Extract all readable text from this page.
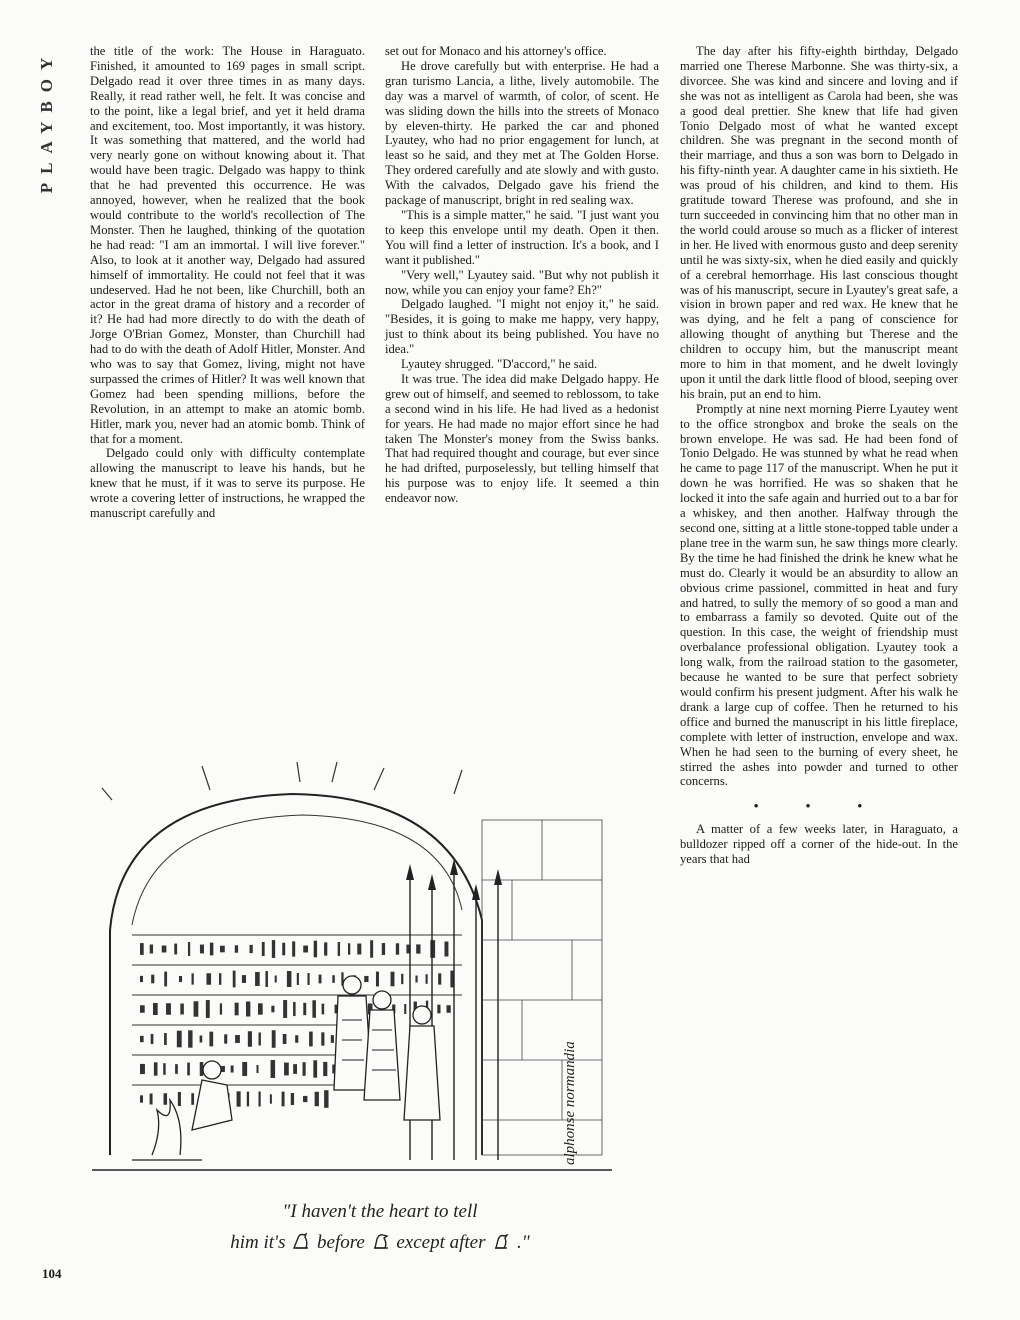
PLAYBOY	the title of the work: The House in Haraguato. Finished, it amounted to 169 pages in small script. Delgado read it over three times in as many days. Really, it read rather well, he felt. It was concise and to the point, like a legal brief, and yet it held drama and excitement, too. Most importantly, it was history. It was something that mattered, and the world had very nearly gone on without knowing about it. That would have been tragic. Delgado was happy to think that he had prevented this occurrence. He was annoyed, however, when he realized that the book would contribute to the world's recollection of The Monster. Then he laughed, thinking of the quotation he had read: "I am an immortal. I will live forever." Also, to look at it another way, Delgado had assured himself of immortality. He could not feel that it was undeserved. Had he not been, like Churchill, both an actor in the great drama of history and a recorder of it? He had had more directly to do with the death of Jorge O'Brian Gomez, Monster, than Churchill had had to do with the death of Adolf Hitler, Monster. And who was to say that Gomez, living, might not have surpassed the crimes of Hitler? It was well known that Gomez had been spending millions, before the Revolution, in an attempt to make an atomic bomb. Hitler, mark you, never had an atomic bomb. Think of that for a moment.

Delgado could only with difficulty contemplate allowing the manuscript to leave his hands, but he knew that he must, if it was to serve its purpose. He wrote a covering letter of instructions, he wrapped the manuscript carefully and

set out for Monaco and his attorney's office.

He drove carefully but with enterprise. He had a gran turismo Lancia, a lithe, lively automobile. The day was a marvel of warmth, of color, of scent. He was sliding down the hills into the streets of Monaco by eleven-thirty. He parked the car and phoned Lyautey, who had no prior engagement for lunch, at least so he said, and they met at The Golden Horse. They ordered carefully and ate slowly and with gusto. With the calvados, Delgado gave his friend the package of manuscript, bright in red sealing wax.

"This is a simple matter," he said. "I just want you to keep this envelope until my death. Open it then. You will find a letter of instruction. It's a book, and I want it published."

"Very well," Lyautey said. "But why not publish it now, while you can enjoy your fame? Eh?"

Delgado laughed. "I might not enjoy it," he said. "Besides, it is going to make me happy, very happy, just to think about its being published. You have no idea."

Lyautey shrugged. "D'accord," he said.

It was true. The idea did make Delgado happy. He grew out of himself, and seemed to reblossom, to take a second wind in his life. He had lived as a hedonist for years. He had made no major effort since he had taken The Monster's money from the Swiss banks. That had required thought and courage, but ever since he had drifted, purposelessly, but telling himself that his purpose was to enjoy life. It seemed a thin endeavor now.

The day after his fifty-eighth birthday, Delgado married one Therese Marbonne. She was thirty-six, a divorcee. She was kind and sincere and loving and if she was not as intelligent as Carola had been, she was a good deal prettier. She knew that life had given Tonio Delgado most of what he wanted except children. She was pregnant in the second month of their marriage, and thus a son was born to Delgado in his fifty-ninth year. A daughter came in his sixtieth. He was proud of his children, and kind to them. His gratitude toward Therese was profound, and she in turn succeeded in convincing him that no other man in the world could arouse so much as a flicker of interest in her. He lived with enormous gusto and deep serenity until he was sixty-six, when he died easily and quickly of a cerebral hemorrhage. His last conscious thought was of his manuscript, secure in Lyautey's great safe, a vision in brown paper and red wax. He knew that he was dying, and he felt a pang of conscience for allowing thought of anything but Therese and the children to occupy him, but the manuscript meant more to him in that moment, and he dwelt lovingly upon it until the dark little flood of blood, seeping over his brain, put an end to him.

Promptly at nine next morning Pierre Lyautey went to the office strongbox and broke the seals on the brown envelope. He was sad. He had been fond of Tonio Delgado. He was stunned by what he read when he came to page 117 of the manuscript. When he put it down he was horrified. He was so shaken that he locked it into the safe again and hurried out to a bar for a whiskey, and then another. Halfway through the second one, sitting at a little stone-topped table under a plane tree in the warm sun, he saw things more clearly. By the time he had finished the drink he knew what he must do. Clearly it would be an absurdity to allow an obvious crime passionel, committed in heat and fury and hatred, to sully the memory of so good a man and to embarrass a family so devoted. Quite out of the question. In this case, the weight of friendship must overbalance professional obligation. Lyautey took a long walk, from the railroad station to the gasometer, because he wanted to be sure that perfect sobriety would confirm his present judgment. After his walk he drank a large cup of coffee. Then he returned to his office and burned the manuscript in his little fireplace, complete with letter of instruction, envelope and wax. When he had seen to the burning of every sheet, he stirred the ashes into powder and turned to other concerns.

• • •

A matter of a few weeks later, in Haraguato, a bulldozer ripped off a corner of the hide-out. In the years that had

alphonse normandia
"I haven't the heart to tell
him it's before except after ."
104
